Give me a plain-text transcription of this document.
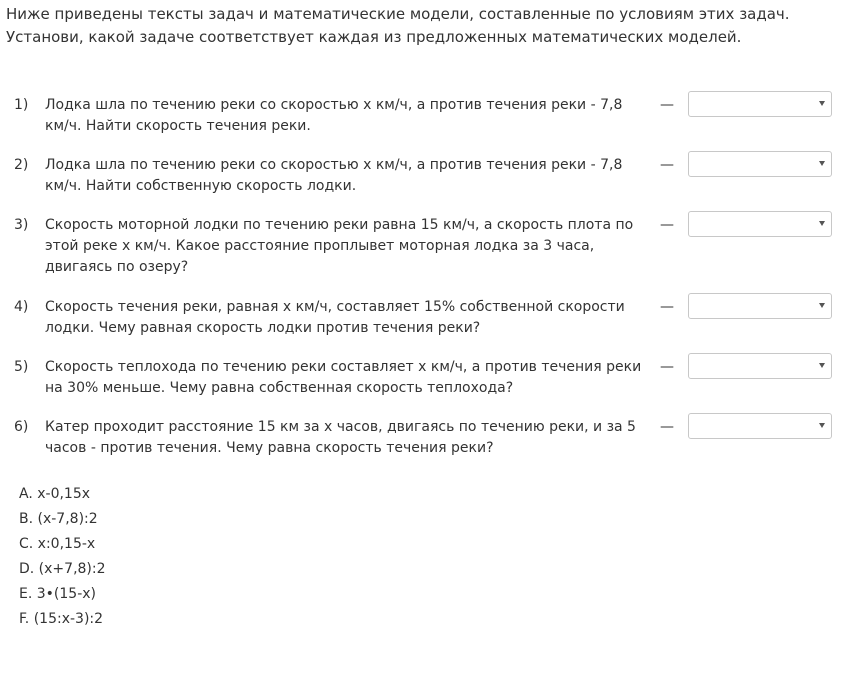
Ниже приведены тексты задач и математические модели, составленные по условиям этих задач. Установи, какой задаче соответствует каждая из предложенных математических моделей.
1) Лодка шла по течению реки со скоростью x км/ч, а против течения реки - 7,8 км/ч. Найти скорость течения реки.
—
2) Лодка шла по течению реки со скоростью x км/ч, а против течения реки - 7,8 км/ч. Найти собственную скорость лодки.
—
3) Скорость моторной лодки по течению реки равна 15 км/ч, а скорость плота по этой реке x км/ч. Какое расстояние проплывет моторная лодка за 3 часа, двигаясь по озеру?
—
4) Скорость течения реки, равная x км/ч, составляет 15% собственной скорости лодки. Чему равная скорость лодки против течения реки?
—
5) Скорость теплохода по течению реки составляет x км/ч, а против течения реки на 30% меньше. Чему равна собственная скорость теплохода?
—
6) Катер проходит расстояние 15 км за x часов, двигаясь по течению реки, и за 5 часов - против течения. Чему равна скорость течения реки?
—
A. x-0,15x
B. (x-7,8):2
C. x:0,15-x
D. (x+7,8):2
E. 3•(15-x)
F. (15:x-3):2
